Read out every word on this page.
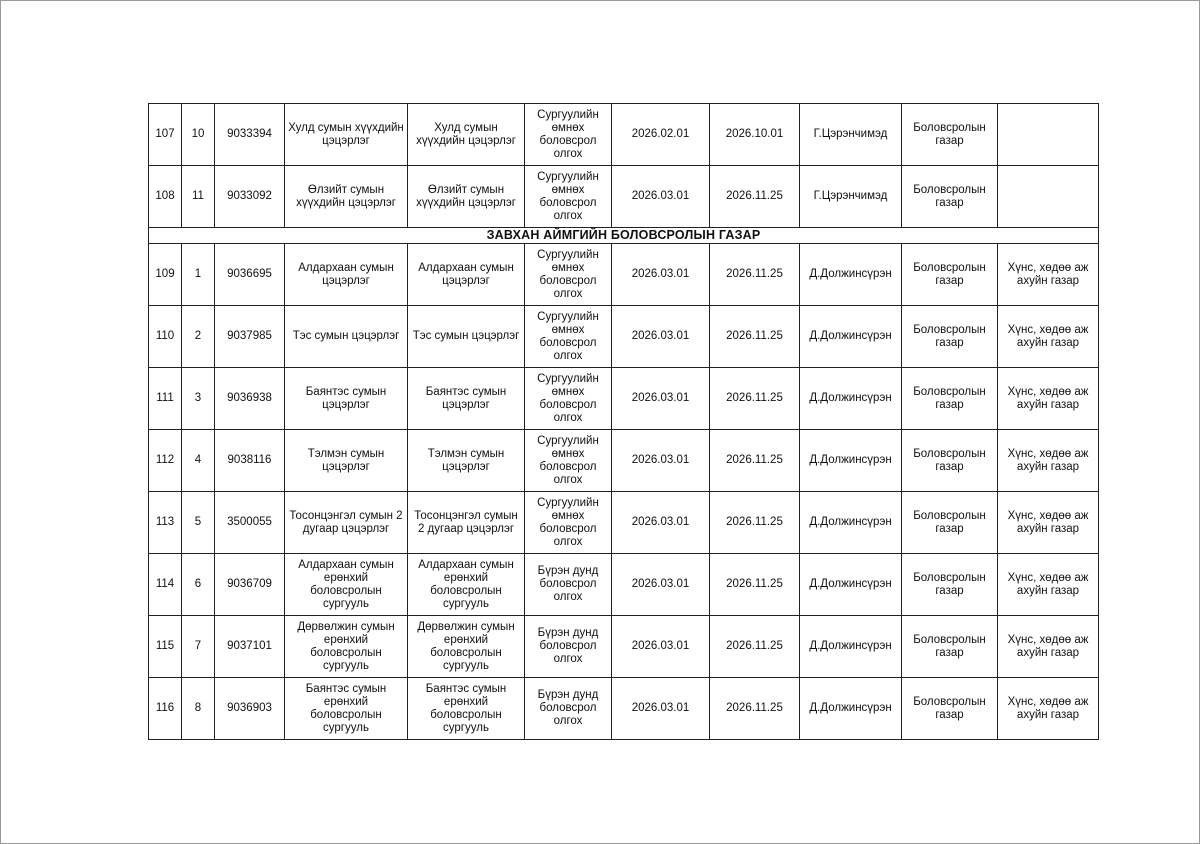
107	10	9033394	Хулд сумын хүүхдийн цэцэрлэг	Хулд сумын хүүхдийн цэцэрлэг	Сургуулийн өмнөх боловсрол олгох	2026.02.01	2026.10.01	Г.Цэрэнчимэд	Боловсролын газар	
108	11	9033092	Өлзийт сумын хүүхдийн цэцэрлэг	Өлзийт сумын хүүхдийн цэцэрлэг	Сургуулийн өмнөх боловсрол олгох	2026.03.01	2026.11.25	Г.Цэрэнчимэд	Боловсролын газар	
ЗАВХАН АЙМГИЙН БОЛОВСРОЛЫН ГАЗАР										
109	1	9036695	Алдархаан сумын цэцэрлэг	Алдархаан сумын цэцэрлэг	Сургуулийн өмнөх боловсрол олгох	2026.03.01	2026.11.25	Д.Должинсүрэн	Боловсролын газар	Хүнс, хөдөө аж ахуйн газар
110	2	9037985	Тэс сумын цэцэрлэг	Тэс сумын цэцэрлэг	Сургуулийн өмнөх боловсрол олгох	2026.03.01	2026.11.25	Д.Должинсүрэн	Боловсролын газар	Хүнс, хөдөө аж ахуйн газар
111	3	9036938	Баянтэс сумын цэцэрлэг	Баянтэс сумын цэцэрлэг	Сургуулийн өмнөх боловсрол олгох	2026.03.01	2026.11.25	Д.Должинсүрэн	Боловсролын газар	Хүнс, хөдөө аж ахуйн газар
112	4	9038116	Тэлмэн сумын цэцэрлэг	Тэлмэн сумын цэцэрлэг	Сургуулийн өмнөх боловсрол олгох	2026.03.01	2026.11.25	Д.Должинсүрэн	Боловсролын газар	Хүнс, хөдөө аж ахуйн газар
113	5	3500055	Тосонцэнгэл сумын 2 дугаар цэцэрлэг	Тосонцэнгэл сумын 2 дугаар цэцэрлэг	Сургуулийн өмнөх боловсрол олгох	2026.03.01	2026.11.25	Д.Должинсүрэн	Боловсролын газар	Хүнс, хөдөө аж ахуйн газар
114	6	9036709	Алдархаан сумын ерөнхий боловсролын сургууль	Алдархаан сумын ерөнхий боловсролын сургууль	Бүрэн дунд боловсрол олгох	2026.03.01	2026.11.25	Д.Должинсүрэн	Боловсролын газар	Хүнс, хөдөө аж ахуйн газар
115	7	9037101	Дөрвөлжин сумын ерөнхий боловсролын сургууль	Дөрвөлжин сумын ерөнхий боловсролын сургууль	Бүрэн дунд боловсрол олгох	2026.03.01	2026.11.25	Д.Должинсүрэн	Боловсролын газар	Хүнс, хөдөө аж ахуйн газар
116	8	9036903	Баянтэс сумын ерөнхий боловсролын сургууль	Баянтэс сумын ерөнхий боловсролын сургууль	Бүрэн дунд боловсрол олгох	2026.03.01	2026.11.25	Д.Должинсүрэн	Боловсролын газар	Хүнс, хөдөө аж ахуйн газар
